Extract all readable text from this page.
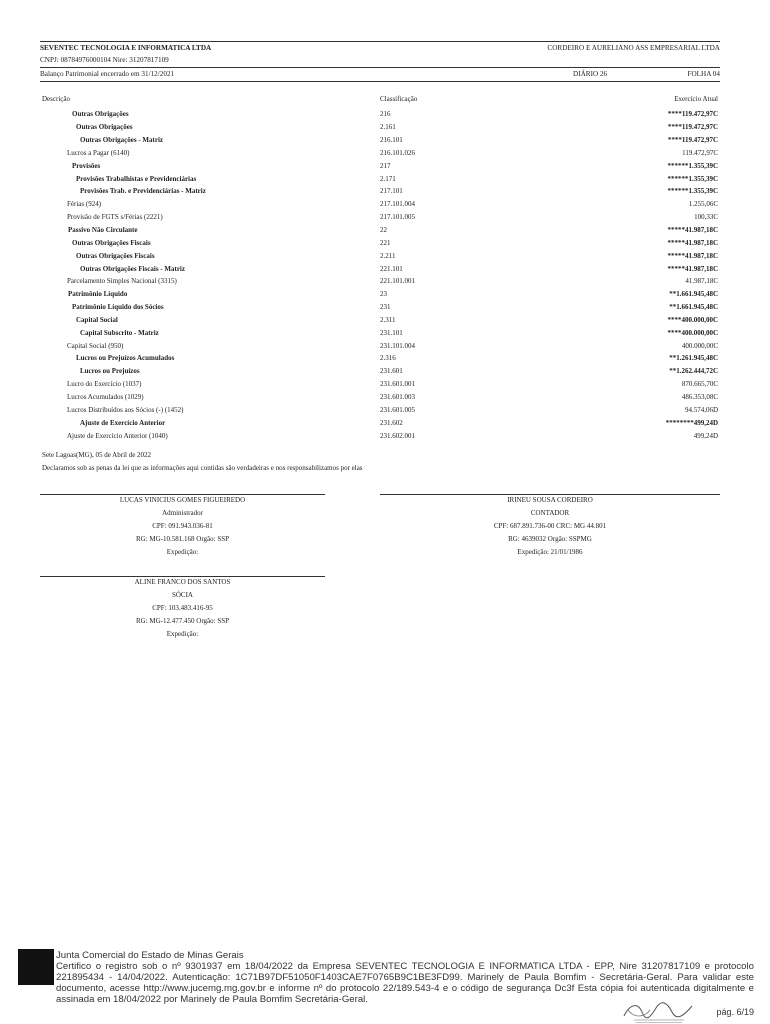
SEVENTEC TECNOLOGIA E INFORMATICA LTDA	CORDEIRO E AURELIANO ASS EMPRESARIAL LTDA
CNPJ: 08784976000104 Nire: 31207817109
Balanço Patrimonial encerrado em 31/12/2021	DIÁRIO 26	FOLHA 04
Descrição	Classificação	Exercício Atual
Outras Obrigações	216	****119.472,97C
Outras Obrigações	2.161	****119.472,97C
Outras Obrigações - Matriz	216.101	****119.472,97C
Lucros a Pagar (6140)	216.101.026	119.472,97C
Provisões	217	******1.355,39C
Provisões Trabalhistas e Previdenciárias	2.171	******1.355,39C
Provisões Trab. e Previdenciárias - Matriz	217.101	******1.355,39C
Férias (924)	217.101.004	1.255,06C
Provisão de FGTS s/Férias (2221)	217.101.005	100,33C
Passivo Não Circulante	22	*****41.987,18C
Outras Obrigações Fiscais	221	*****41.987,18C
Outras Obrigações Fiscais	2.211	*****41.987,18C
Outras Obrigações Fiscais - Matriz	221.101	*****41.987,18C
Parcelamento Simples Nacional (3315)	221.101.001	41.987,18C
Patrimônio Líquido	23	**1.661.945,48C
Patrimônio Líquido dos Sócios	231	**1.661.945,48C
Capital Social	2.311	****400.000,00C
Capital Subscrito - Matriz	231.101	****400.000,00C
Capital Social (950)	231.101.004	400.000,00C
Lucros ou Prejuízos Acumulados	2.316	**1.261.945,48C
Lucros ou Prejuízos	231.601	**1.262.444,72C
Lucro do Exercício (1037)	231.601.001	870.665,70C
Lucros Acumulados (1029)	231.601.003	486.353,08C
Lucros Distribuídos aos Sócios (-) (1452)	231.601.005	94.574,06D
Ajuste de Exercício Anterior	231.602	********499,24D
Ajuste de Exercício Anterior (1040)	231.602.001	499,24D
Sete Lagoas(MG), 05 de Abril de 2022
Declaramos sob as penas da lei que as informações aqui contidas são verdadeiras e nos responsabilizamos por elas
LUCAS VINICIUS GOMES FIGUEIREDO
Administrador
CPF: 091.943.036-81
RG: MG-10.581.168 Orgão: SSP
Expedição:
IRINEU SOUSA CORDEIRO
CONTADOR
CPF: 687.891.736-00 CRC: MG 44.801
RG: 4639032 Orgão: SSPMG
Expedição: 21/01/1986
ALINE FRANCO DOS SANTOS
SÓCIA
CPF: 103.483.416-95
RG: MG-12.477.450 Orgão: SSP
Expedição:
Junta Comercial do Estado de Minas Gerais
Certifico o registro sob o nº 9301937 em 18/04/2022 da Empresa SEVENTEC TECNOLOGIA E INFORMATICA LTDA - EPP, Nire 31207817109 e protocolo 221895434 - 14/04/2022. Autenticação: 1C71B97DF51050F1403CAE7F0765B9C1BE3FD99. Marinely de Paula Bomfim - Secretária-Geral. Para validar este documento, acesse http://www.jucemg.mg.gov.br e informe nº do protocolo 22/189.543-4 e o código de segurança Dc3f Esta cópia foi autenticada digitalmente e assinada em 18/04/2022 por Marinely de Paula Bomfim Secretária-Geral.
pág. 6/19
